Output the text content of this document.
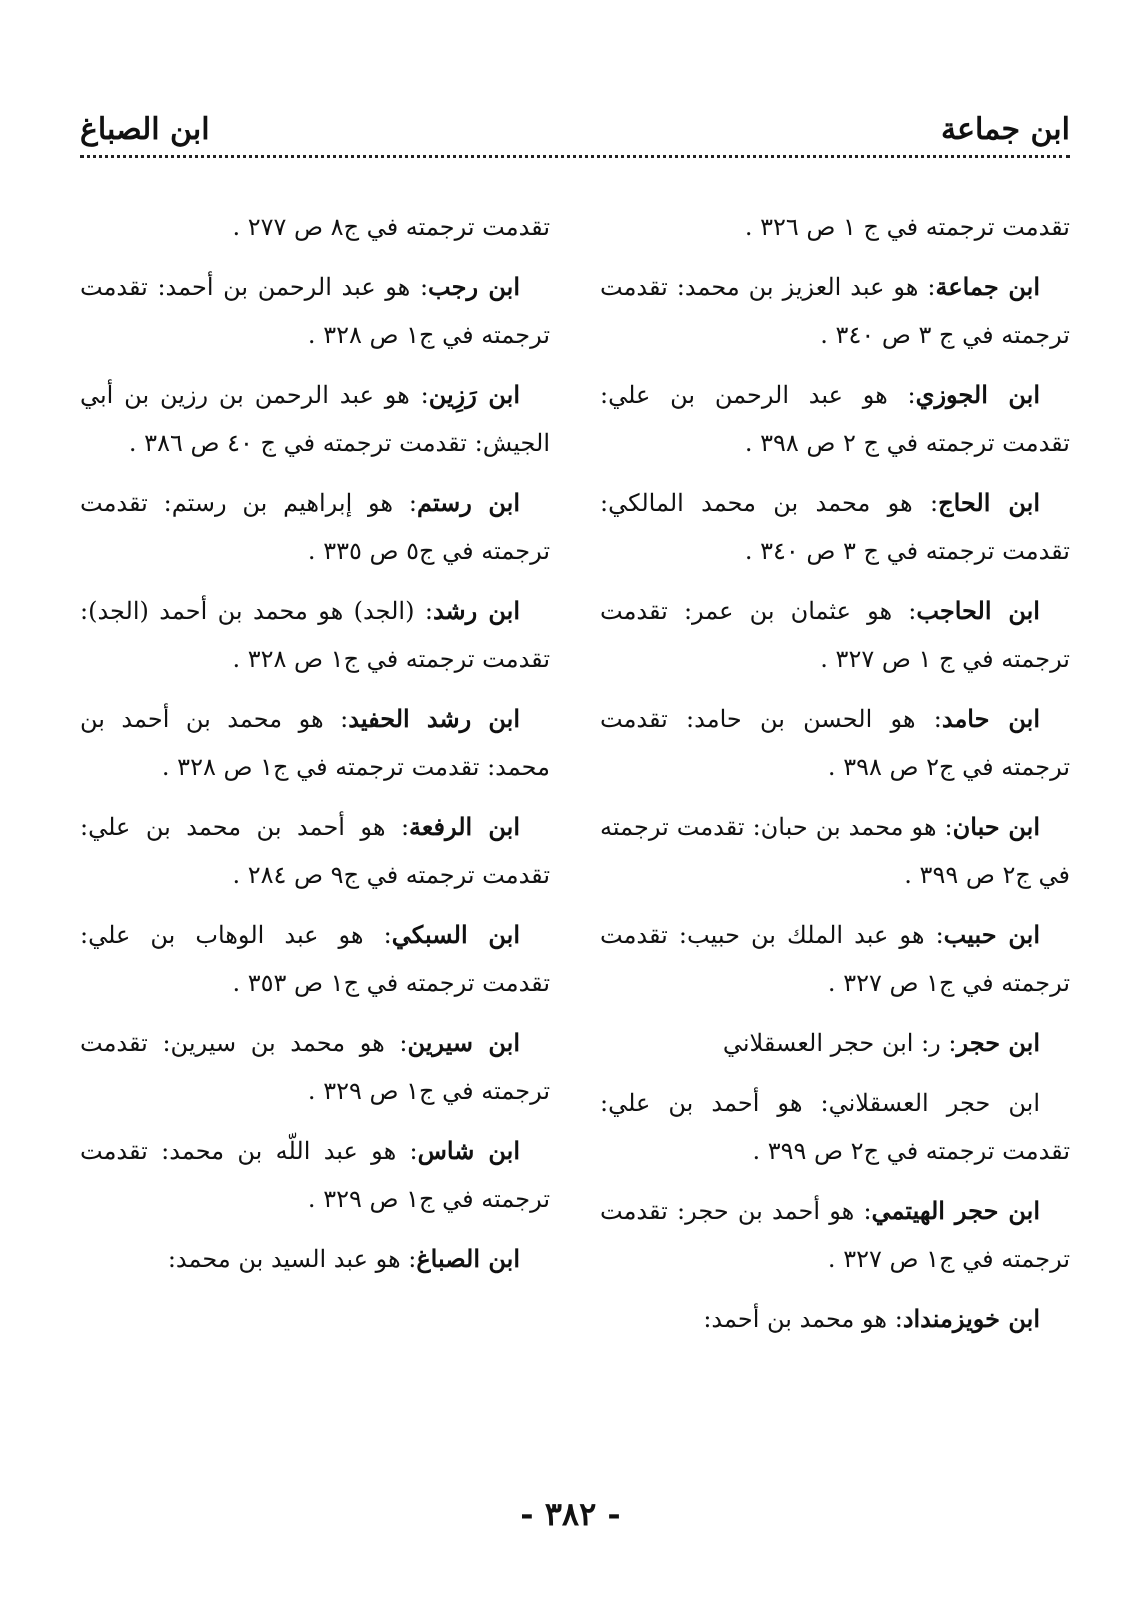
ابن جماعة
ابن الصباغ

تقدمت ترجمته في ج ١ ص ٣٢٦ .

ابن جماعة: هو عبد العزيز بن محمد: تقدمت ترجمته في ج ٣ ص ٣٤٠ .

ابن الجوزي: هو عبد الرحمن بن علي: تقدمت ترجمته في ج ٢ ص ٣٩٨ .

ابن الحاج: هو محمد بن محمد المالكي: تقدمت ترجمته في ج ٣ ص ٣٤٠ .

ابن الحاجب: هو عثمان بن عمر: تقدمت ترجمته في ج ١ ص ٣٢٧ .

ابن حامد: هو الحسن بن حامد: تقدمت ترجمته في ج٢ ص ٣٩٨ .

ابن حبان: هو محمد بن حبان: تقدمت ترجمته في ج٢ ص ٣٩٩ .

ابن حبيب: هو عبد الملك بن حبيب: تقدمت ترجمته في ج١ ص ٣٢٧ .

ابن حجر: ر: ابن حجر العسقلاني

ابن حجر العسقلاني: هو أحمد بن علي: تقدمت ترجمته في ج٢ ص ٣٩٩ .

ابن حجر الهيتمي: هو أحمد بن حجر: تقدمت ترجمته في ج١ ص ٣٢٧ .

ابن خويزمنداد: هو محمد بن أحمد:

تقدمت ترجمته في ج٨ ص ٢٧٧ .

ابن رجب: هو عبد الرحمن بن أحمد: تقدمت ترجمته في ج١ ص ٣٢٨ .

ابن رَزِين: هو عبد الرحمن بن رزين بن أبي الجيش: تقدمت ترجمته في ج ٤٠ ص ٣٨٦ .

ابن رستم: هو إبراهيم بن رستم: تقدمت ترجمته في ج٥ ص ٣٣٥ .

ابن رشد: (الجد) هو محمد بن أحمد (الجد): تقدمت ترجمته في ج١ ص ٣٢٨ .

ابن رشد الحفيد: هو محمد بن أحمد بن محمد: تقدمت ترجمته في ج١ ص ٣٢٨ .

ابن الرفعة: هو أحمد بن محمد بن علي: تقدمت ترجمته في ج٩ ص ٢٨٤ .

ابن السبكي: هو عبد الوهاب بن علي: تقدمت ترجمته في ج١ ص ٣٥٣ .

ابن سيرين: هو محمد بن سيرين: تقدمت ترجمته في ج١ ص ٣٢٩ .

ابن شاس: هو عبد اللّه بن محمد: تقدمت ترجمته في ج١ ص ٣٢٩ .

ابن الصباغ: هو عبد السيد بن محمد:

- ٣٨٢ -
